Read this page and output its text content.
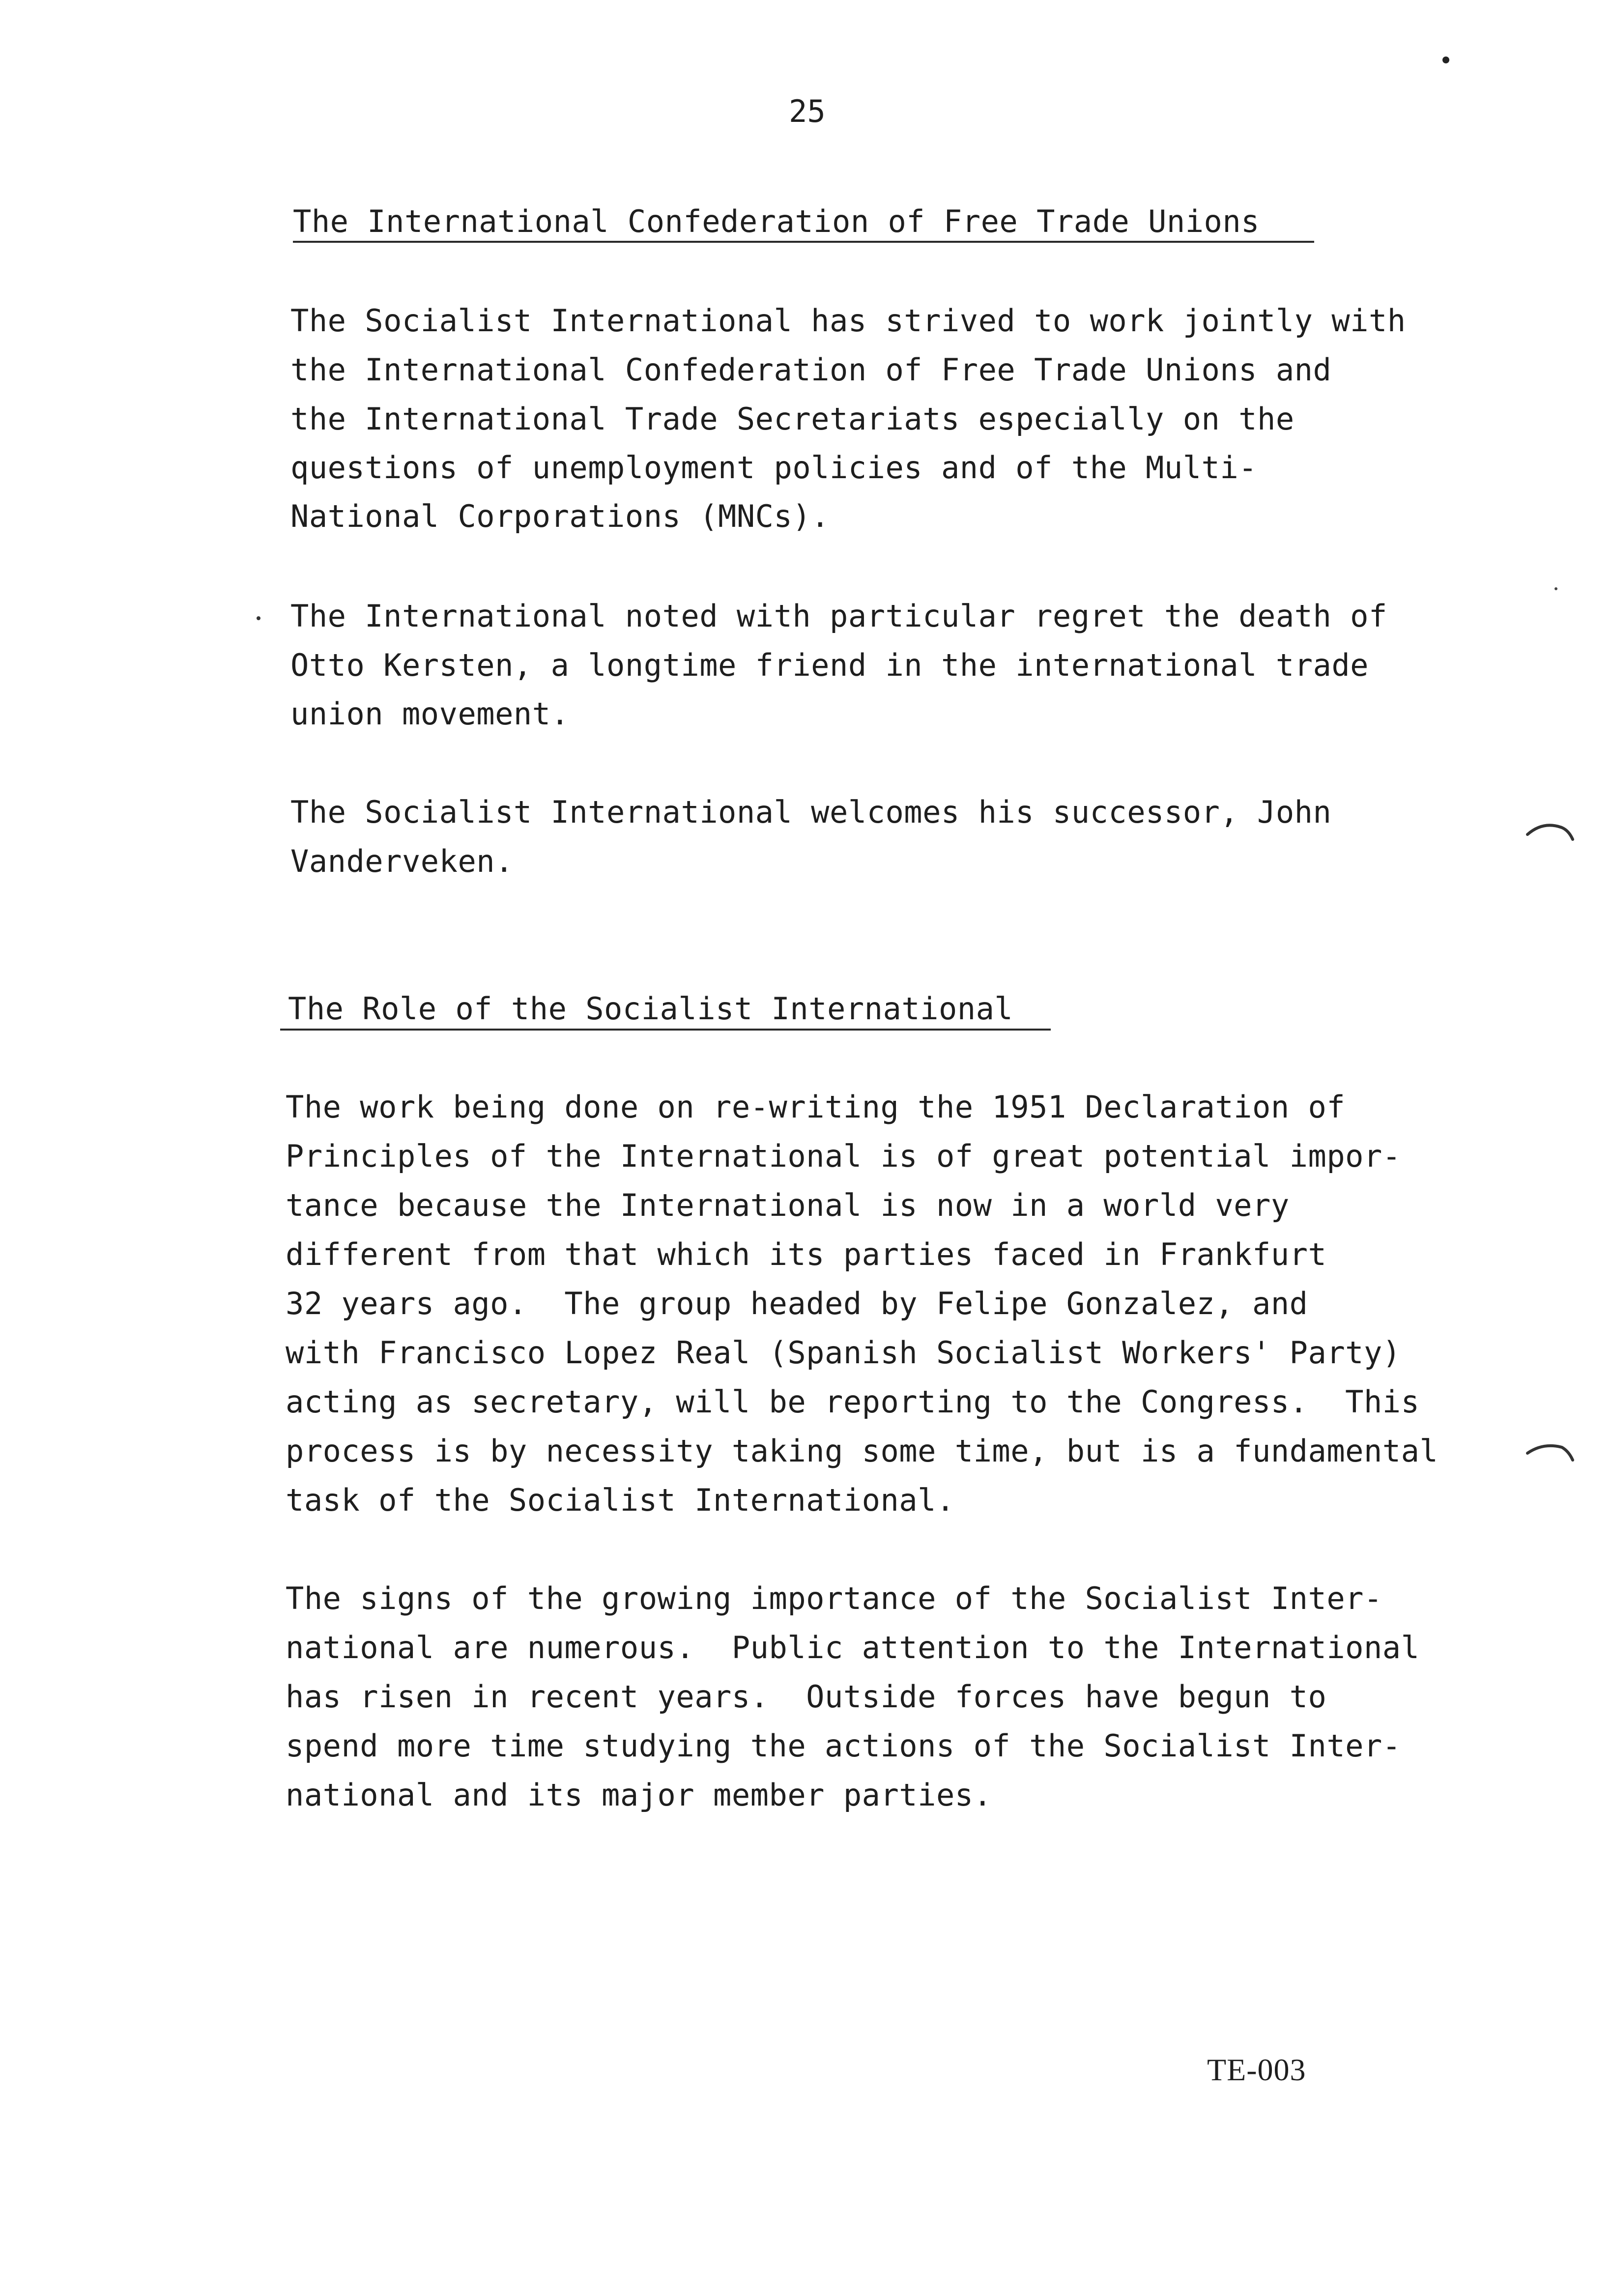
25
The International Confederation of Free Trade Unions
The Socialist International has strived to work jointly with
the International Confederation of Free Trade Unions and
the International Trade Secretariats especially on the
questions of unemployment policies and of the Multi-
National Corporations (MNCs).
The International noted with particular regret the death of
Otto Kersten, a longtime friend in the international trade
union movement.
The Socialist International welcomes his successor, John
Vanderveken.
The Role of the Socialist International
The work being done on re-writing the 1951 Declaration of
Principles of the International is of great potential impor-
tance because the International is now in a world very
different from that which its parties faced in Frankfurt
32 years ago.  The group headed by Felipe Gonzalez, and
with Francisco Lopez Real (Spanish Socialist Workers' Party)
acting as secretary, will be reporting to the Congress.  This
process is by necessity taking some time, but is a fundamental
task of the Socialist International.
The signs of the growing importance of the Socialist Inter-
national are numerous.  Public attention to the International
has risen in recent years.  Outside forces have begun to
spend more time studying the actions of the Socialist Inter-
national and its major member parties.
TE-003
